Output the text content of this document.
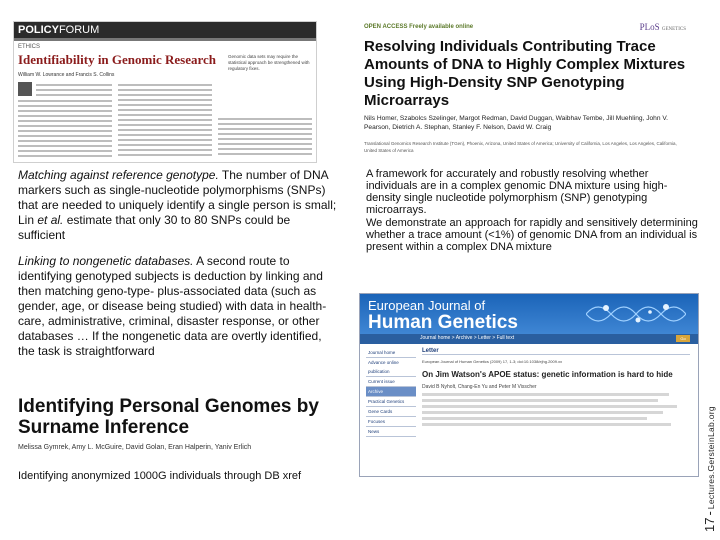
POLICYFORUM
ETHICS
Identifiability in Genomic Research
William W. Lowrance and Francis S. Collins
Genomic data sets may require the statistical approach be strengthened with regulatory fixes.
OPEN ACCESS Freely available online	PLoS GENETICS
Resolving Individuals Contributing Trace Amounts of DNA to Highly Complex Mixtures Using High-Density SNP Genotyping Microarrays
Nils Homer, Szabolcs Szelinger, Margot Redman, David Duggan, Waibhav Tembe, Jill Muehling, John V. Pearson, Dietrich A. Stephan, Stanley F. Nelson, David W. Craig
Translational Genomics Research Institute (TGen), Phoenix, Arizona, United States of America; University of California, Los Angeles, Los Angeles, California, United States of America
Matching against reference genotype. The number of DNA markers such as single-nucleotide polymorphisms (SNPs) that are needed to uniquely identify a single person is small; Lin et al. estimate that only 30 to 80 SNPs could be sufficient
A framework for accurately and robustly resolving whether individuals are in a complex genomic DNA mixture using high-density single nucleotide polymorphism (SNP) genotyping microarrays.
We demonstrate an approach for rapidly and sensitively determining whether a trace amount (<1%) of genomic DNA from an individual is present within a complex DNA mixture
Linking to nongenetic databases. A second route to identifying genotyped subjects is deduction by linking and then matching geno-type- plus-associated data (such as gender, age, or disease being studied) with data in health-care, administrative, criminal, disaster response, or other databases … If the nongenetic data are overtly identified, the task is straightforward
Identifying Personal Genomes by
Surname Inference
Melissa Gymrek, Amy L. McGuire, David Golan, Eran Halperin, Yaniv Erlich
Identifying anonymized 1000G individuals through DB xref
European Journal of
Human Genetics
Journal home > Archive > Letter > Full text	Go
Journal home
Advance online publication
Current issue
Archive
Practical Genetics
Gene Cards
Focuses
News
Letter
European Journal of Human Genetics (2009) 17, 1-3; doi:10.1038/ejhg.2009.xx
On Jim Watson's APOE status: genetic information is hard to hide
David B Nyholt, Chang-En Yu and Peter M Visscher
17-Lectures.GersteinLab.org
